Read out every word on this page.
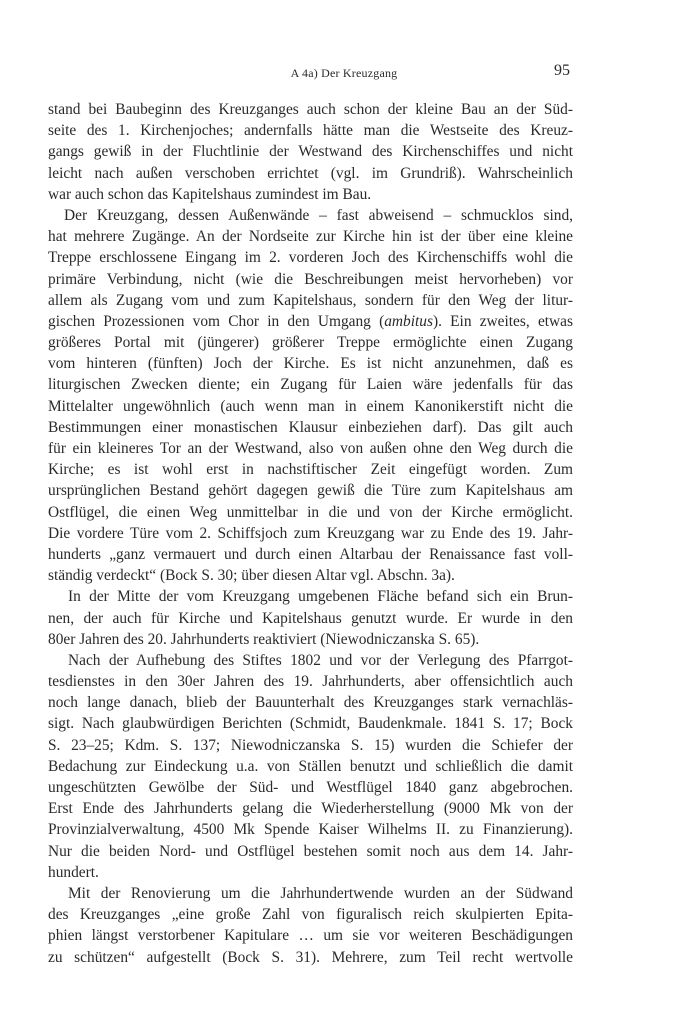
A 4a) Der Kreuzgang	95

stand bei Baubeginn des Kreuzganges auch schon der kleine Bau an der Süd-
seite des 1. Kirchenjoches; andernfalls hätte man die Westseite des Kreuz-
gangs gewiß in der Fluchtlinie der Westwand des Kirchenschiffes und nicht
leicht nach außen verschoben errichtet (vgl. im Grundriß). Wahrscheinlich
war auch schon das Kapitelshaus zumindest im Bau.

Der Kreuzgang, dessen Außenwände – fast abweisend – schmucklos sind,
hat mehrere Zugänge. An der Nordseite zur Kirche hin ist der über eine kleine
Treppe erschlossene Eingang im 2. vorderen Joch des Kirchenschiffs wohl die
primäre Verbindung, nicht (wie die Beschreibungen meist hervorheben) vor
allem als Zugang vom und zum Kapitelshaus, sondern für den Weg der litur-
gischen Prozessionen vom Chor in den Umgang (ambitus). Ein zweites, etwas
größeres Portal mit (jüngerer) größerer Treppe ermöglichte einen Zugang
vom hinteren (fünften) Joch der Kirche. Es ist nicht anzunehmen, daß es
liturgischen Zwecken diente; ein Zugang für Laien wäre jedenfalls für das
Mittelalter ungewöhnlich (auch wenn man in einem Kanonikerstift nicht die
Bestimmungen einer monastischen Klausur einbeziehen darf). Das gilt auch
für ein kleineres Tor an der Westwand, also von außen ohne den Weg durch die
Kirche; es ist wohl erst in nachstiftischer Zeit eingefügt worden. Zum
ursprünglichen Bestand gehört dagegen gewiß die Türe zum Kapitelshaus am
Ostflügel, die einen Weg unmittelbar in die und von der Kirche ermöglicht.
Die vordere Türe vom 2. Schiffsjoch zum Kreuzgang war zu Ende des 19. Jahr-
hunderts „ganz vermauert und durch einen Altarbau der Renaissance fast voll-
ständig verdeckt“ (Bock S. 30; über diesen Altar vgl. Abschn. 3a).

In der Mitte der vom Kreuzgang umgebenen Fläche befand sich ein Brun-
nen, der auch für Kirche und Kapitelshaus genutzt wurde. Er wurde in den
80er Jahren des 20. Jahrhunderts reaktiviert (Niewodniczanska S. 65).

Nach der Aufhebung des Stiftes 1802 und vor der Verlegung des Pfarrgot-
tesdienstes in den 30er Jahren des 19. Jahrhunderts, aber offensichtlich auch
noch lange danach, blieb der Bauunterhalt des Kreuzganges stark vernachläs-
sigt. Nach glaubwürdigen Berichten (Schmidt, Baudenkmale. 1841 S. 17; Bock
S. 23–25; Kdm. S. 137; Niewodniczanska S. 15) wurden die Schiefer der
Bedachung zur Eindeckung u.a. von Ställen benutzt und schließlich die damit
ungeschützten Gewölbe der Süd- und Westflügel 1840 ganz abgebrochen.
Erst Ende des Jahrhunderts gelang die Wiederherstellung (9000 Mk von der
Provinzialverwaltung, 4500 Mk Spende Kaiser Wilhelms II. zu Finanzierung).
Nur die beiden Nord- und Ostflügel bestehen somit noch aus dem 14. Jahr-
hundert.

Mit der Renovierung um die Jahrhundertwende wurden an der Südwand
des Kreuzganges „eine große Zahl von figuralisch reich skulpierten Epita-
phien längst verstorbener Kapitulare … um sie vor weiteren Beschädigungen
zu schützen“ aufgestellt (Bock S. 31). Mehrere, zum Teil recht wertvolle
